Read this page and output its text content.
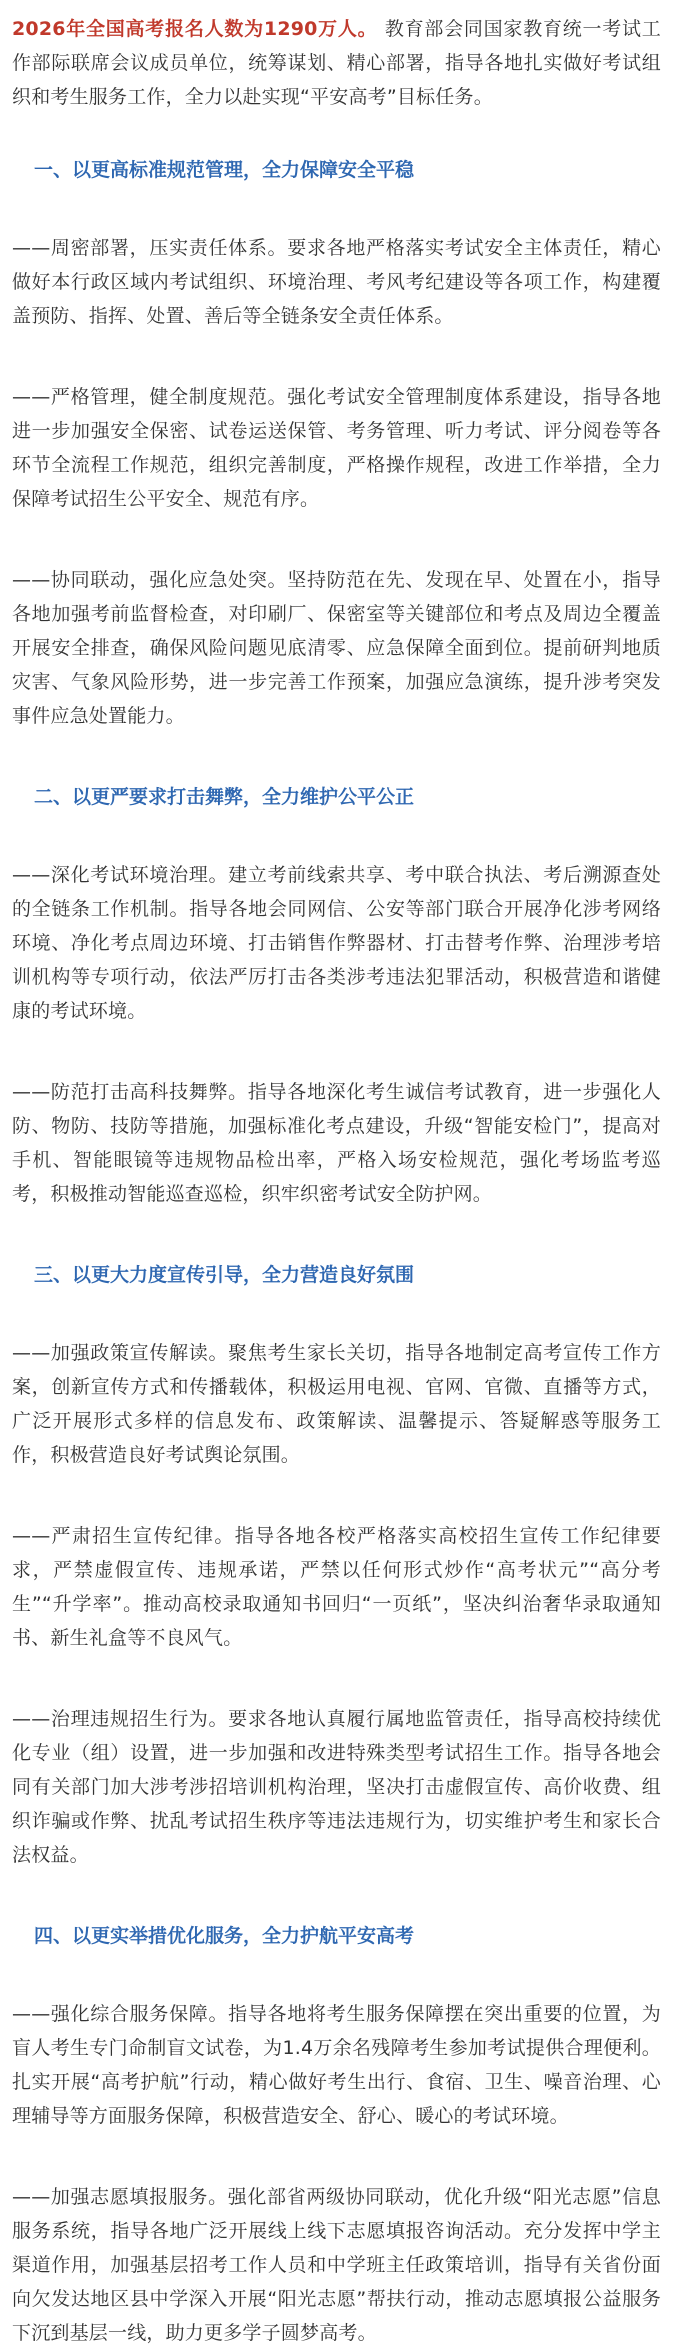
2026年全国高考报名人数为1290万人。 教育部会同国家教育统一考试工作部际联席会议成员单位，统筹谋划、精心部署，指导各地扎实做好考试组织和考生服务工作，全力以赴实现“平安高考”目标任务。

一、以更高标准规范管理，全力保障安全平稳

——周密部署，压实责任体系。要求各地严格落实考试安全主体责任，精心做好本行政区域内考试组织、环境治理、考风考纪建设等各项工作，构建覆盖预防、指挥、处置、善后等全链条安全责任体系。

——严格管理，健全制度规范。强化考试安全管理制度体系建设，指导各地进一步加强安全保密、试卷运送保管、考务管理、听力考试、评分阅卷等各环节全流程工作规范，组织完善制度，严格操作规程，改进工作举措，全力保障考试招生公平安全、规范有序。

——协同联动，强化应急处突。坚持防范在先、发现在早、处置在小，指导各地加强考前监督检查，对印刷厂、保密室等关键部位和考点及周边全覆盖开展安全排查，确保风险问题见底清零、应急保障全面到位。提前研判地质灾害、气象风险形势，进一步完善工作预案，加强应急演练，提升涉考突发事件应急处置能力。

二、以更严要求打击舞弊，全力维护公平公正

——深化考试环境治理。建立考前线索共享、考中联合执法、考后溯源查处的全链条工作机制。指导各地会同网信、公安等部门联合开展净化涉考网络环境、净化考点周边环境、打击销售作弊器材、打击替考作弊、治理涉考培训机构等专项行动，依法严厉打击各类涉考违法犯罪活动，积极营造和谐健康的考试环境。

——防范打击高科技舞弊。指导各地深化考生诚信考试教育，进一步强化人防、物防、技防等措施，加强标准化考点建设，升级“智能安检门”，提高对手机、智能眼镜等违规物品检出率，严格入场安检规范，强化考场监考巡考，积极推动智能巡查巡检，织牢织密考试安全防护网。

三、以更大力度宣传引导，全力营造良好氛围

——加强政策宣传解读。聚焦考生家长关切，指导各地制定高考宣传工作方案，创新宣传方式和传播载体，积极运用电视、官网、官微、直播等方式，广泛开展形式多样的信息发布、政策解读、温馨提示、答疑解惑等服务工作，积极营造良好考试舆论氛围。

——严肃招生宣传纪律。指导各地各校严格落实高校招生宣传工作纪律要求，严禁虚假宣传、违规承诺，严禁以任何形式炒作“高考状元”“高分考生”“升学率”。推动高校录取通知书回归“一页纸”，坚决纠治奢华录取通知书、新生礼盒等不良风气。

——治理违规招生行为。要求各地认真履行属地监管责任，指导高校持续优化专业（组）设置，进一步加强和改进特殊类型考试招生工作。指导各地会同有关部门加大涉考涉招培训机构治理，坚决打击虚假宣传、高价收费、组织诈骗或作弊、扰乱考试招生秩序等违法违规行为，切实维护考生和家长合法权益。

四、以更实举措优化服务，全力护航平安高考

——强化综合服务保障。指导各地将考生服务保障摆在突出重要的位置，为盲人考生专门命制盲文试卷，为1.4万余名残障考生参加考试提供合理便利。扎实开展“高考护航”行动，精心做好考生出行、食宿、卫生、噪音治理、心理辅导等方面服务保障，积极营造安全、舒心、暖心的考试环境。

——加强志愿填报服务。强化部省两级协同联动，优化升级“阳光志愿”信息服务系统，指导各地广泛开展线上线下志愿填报咨询活动。充分发挥中学主渠道作用，加强基层招考工作人员和中学班主任政策培训，指导有关省份面向欠发达地区县中学深入开展“阳光志愿”帮扶行动，推动志愿填报公益服务下沉到基层一线，助力更多学子圆梦高考。
